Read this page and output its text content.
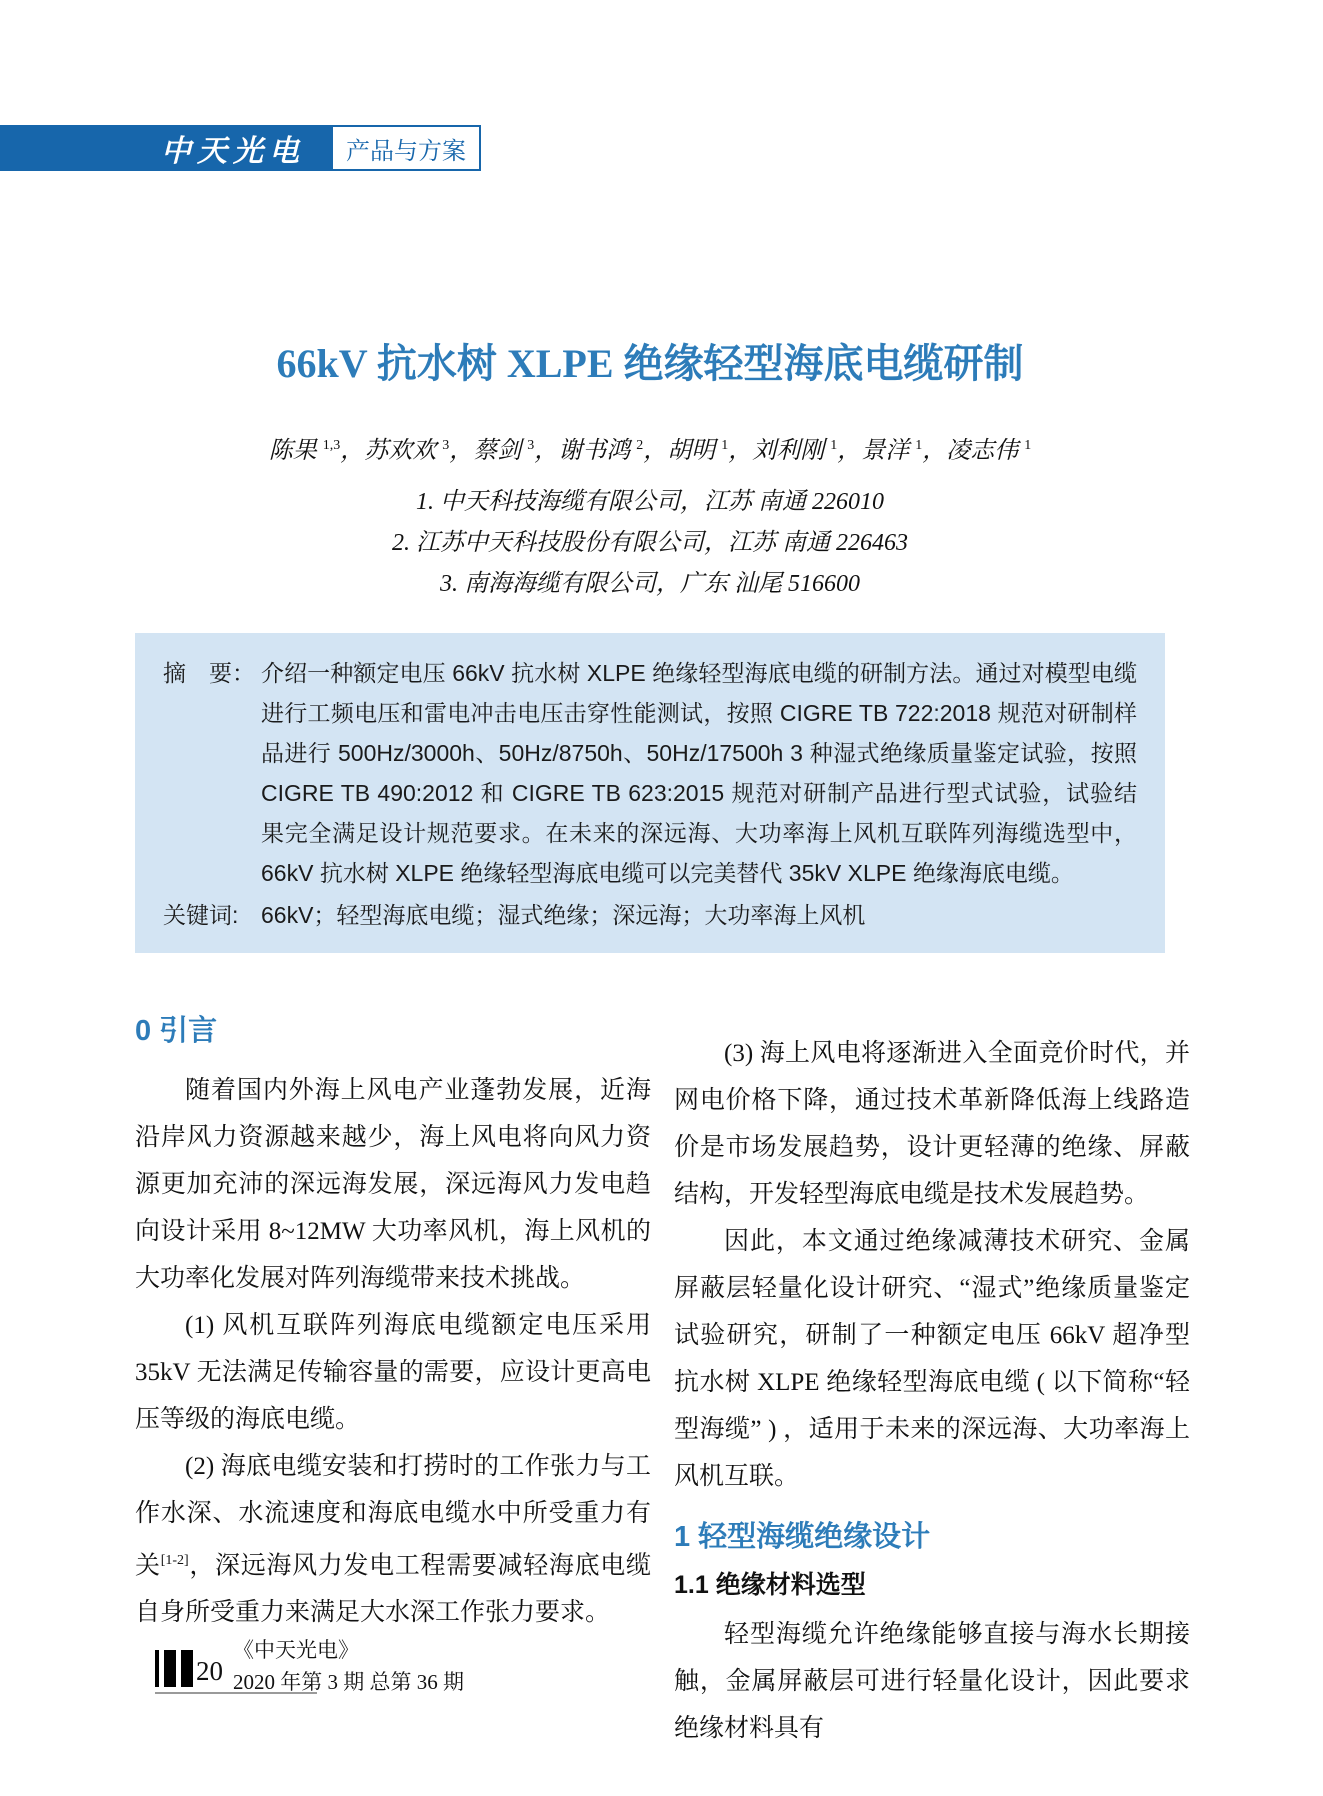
中天光电 产品与方案
66kV 抗水树 XLPE 绝缘轻型海底电缆研制
陈果 $^{1,3}$，苏欢欢 $^3$，蔡剑 $^3$，谢书鸿 $^2$，胡明 $^1$，刘利刚 $^1$，景洋 $^1$，凌志伟 $^1$
1. 中天科技海缆有限公司，江苏 南通 226010
2. 江苏中天科技股份有限公司，江苏 南通 226463
3. 南海海缆有限公司，广东 汕尾 516600
摘　要： 介绍一种额定电压 66kV 抗水树 XLPE 绝缘轻型海底电缆的研制方法。通过对模型电缆进行工频电压和雷电冲击电压击穿性能测试，按照 CIGRE TB 722:2018 规范对研制样品进行 500Hz/3000h、50Hz/8750h、50Hz/17500h 3 种湿式绝缘质量鉴定试验，按照 CIGRE TB 490:2012 和 CIGRE TB 623:2015 规范对研制产品进行型式试验，试验结果完全满足设计规范要求。在未来的深远海、大功率海上风机互联阵列海缆选型中，66kV 抗水树 XLPE 绝缘轻型海底电缆可以完美替代 35kV XLPE 绝缘海底电缆。
关键词: 66kV；轻型海底电缆；湿式绝缘；深远海；大功率海上风机
0 引言

随着国内外海上风电产业蓬勃发展，近海沿岸风力资源越来越少，海上风电将向风力资源更加充沛的深远海发展，深远海风力发电趋向设计采用 8~12MW 大功率风机，海上风机的大功率化发展对阵列海缆带来技术挑战。

(1) 风机互联阵列海底电缆额定电压采用 35kV 无法满足传输容量的需要，应设计更高电压等级的海底电缆。

(2) 海底电缆安装和打捞时的工作张力与工作水深、水流速度和海底电缆水中所受重力有关[1-2]，深远海风力发电工程需要减轻海底电缆自身所受重力来满足大水深工作张力要求。

(3) 海上风电将逐渐进入全面竞价时代，并网电价格下降，通过技术革新降低海上线路造价是市场发展趋势，设计更轻薄的绝缘、屏蔽结构，开发轻型海底电缆是技术发展趋势。

因此，本文通过绝缘减薄技术研究、金属屏蔽层轻量化设计研究、“湿式”绝缘质量鉴定试验研究，研制了一种额定电压 66kV 超净型抗水树 XLPE 绝缘轻型海底电缆 ( 以下简称“轻型海缆” ) ，适用于未来的深远海、大功率海上风机互联。

1 轻型海缆绝缘设计
1.1 绝缘材料选型

轻型海缆允许绝缘能够直接与海水长期接触，金属屏蔽层可进行轻量化设计，因此要求绝缘材料具有

20
《中天光电》
2020 年第 3 期 总第 36 期
